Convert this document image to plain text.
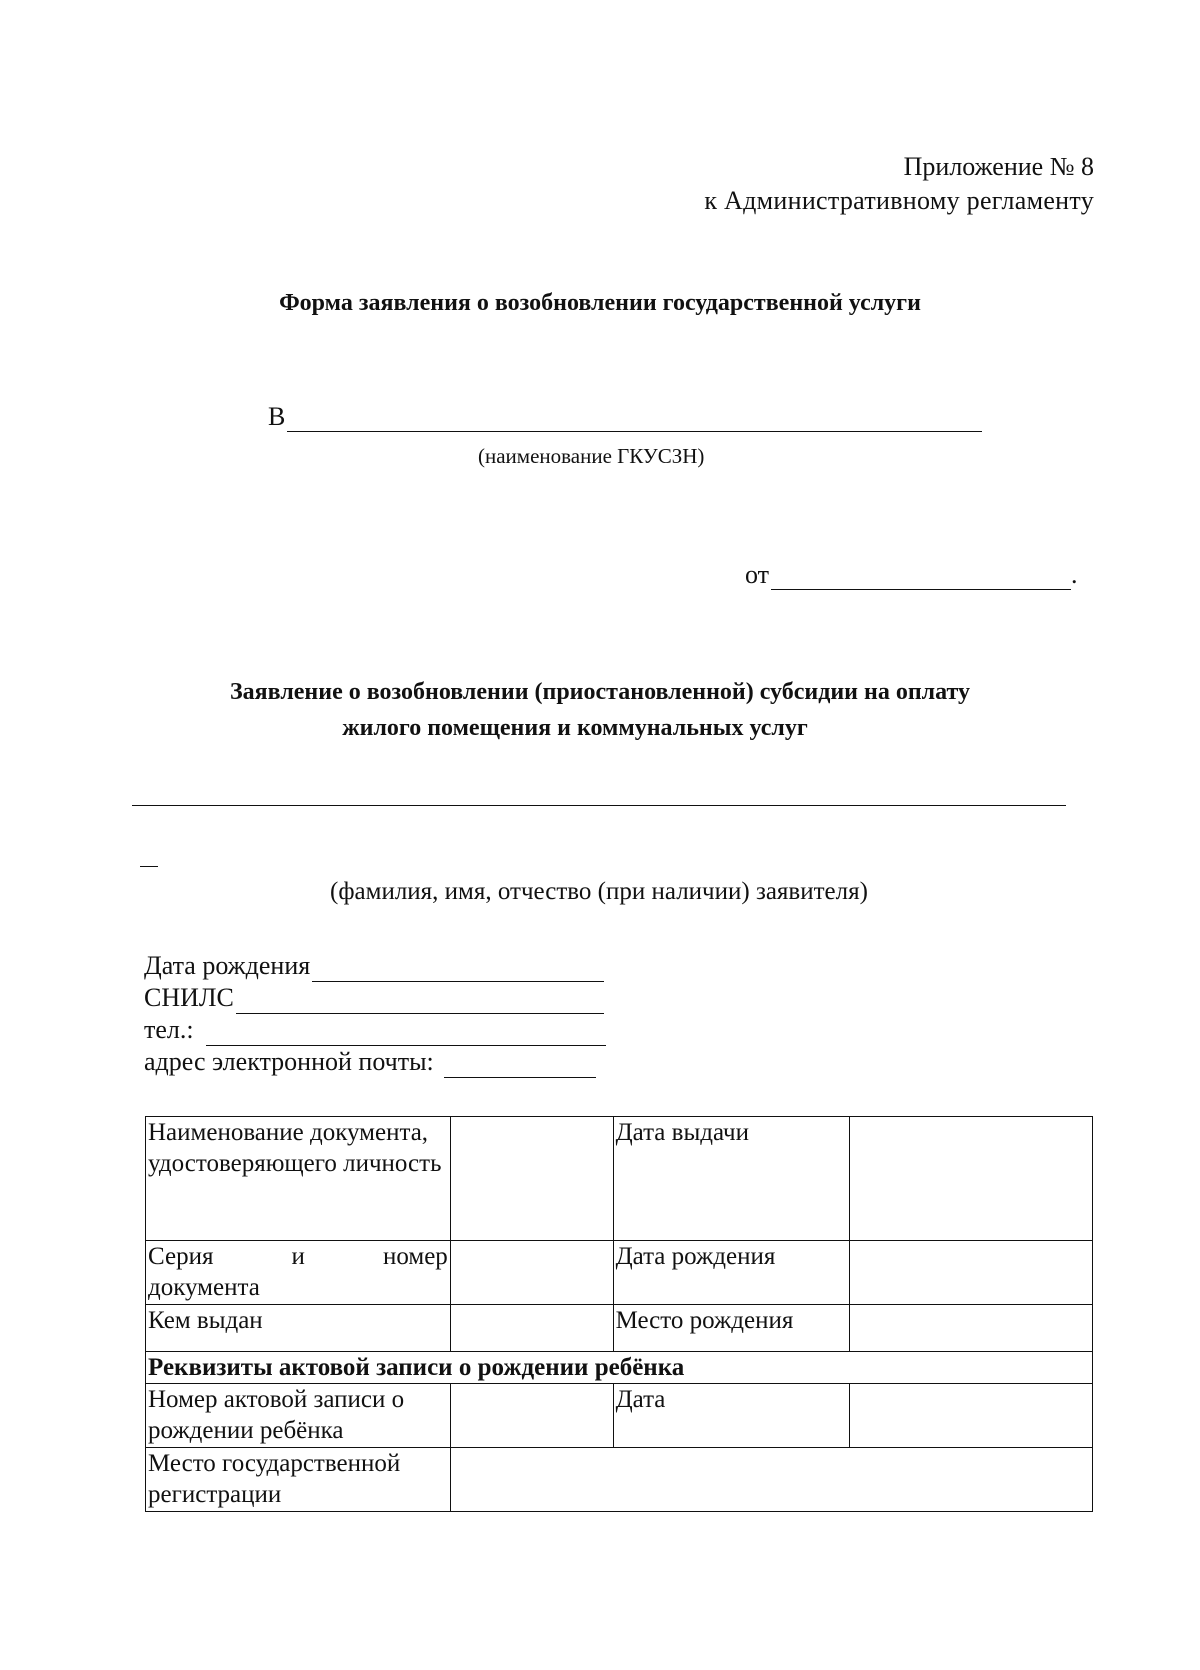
Приложение № 8
к Административному регламенту
Форма заявления о возобновлении государственной услуги
В
(наименование ГКУСЗН)
от	.
Заявление о возобновлении (приостановленной) субсидии на оплату
жилого помещения и коммунальных услуг
(фамилия, имя, отчество (при наличии) заявителя)
Дата рождения
СНИЛС
тел.:
адрес электронной почты:
Наименование документа, удостоверяющего личность		Дата выдачи	

Серия и номер
документа		Дата рождения	
Кем выдан		Место рождения	
Реквизиты актовой записи о рождении ребёнка			
Номер актовой записи о рождении ребёнка		Дата	
Место государственной регистрации			
